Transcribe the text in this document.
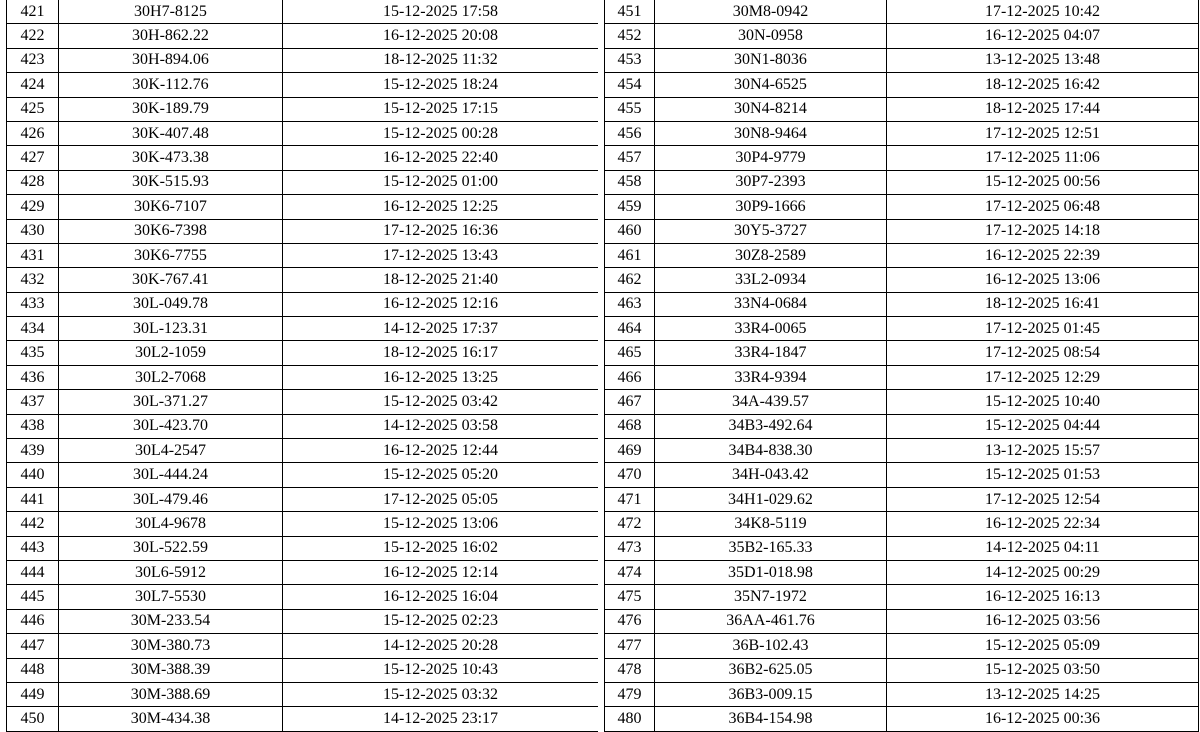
421	30H7-8125	15-12-2025 17:58
422	30H-862.22	16-12-2025 20:08
423	30H-894.06	18-12-2025 11:32
424	30K-112.76	15-12-2025 18:24
425	30K-189.79	15-12-2025 17:15
426	30K-407.48	15-12-2025 00:28
427	30K-473.38	16-12-2025 22:40
428	30K-515.93	15-12-2025 01:00
429	30K6-7107	16-12-2025 12:25
430	30K6-7398	17-12-2025 16:36
431	30K6-7755	17-12-2025 13:43
432	30K-767.41	18-12-2025 21:40
433	30L-049.78	16-12-2025 12:16
434	30L-123.31	14-12-2025 17:37
435	30L2-1059	18-12-2025 16:17
436	30L2-7068	16-12-2025 13:25
437	30L-371.27	15-12-2025 03:42
438	30L-423.70	14-12-2025 03:58
439	30L4-2547	16-12-2025 12:44
440	30L-444.24	15-12-2025 05:20
441	30L-479.46	17-12-2025 05:05
442	30L4-9678	15-12-2025 13:06
443	30L-522.59	15-12-2025 16:02
444	30L6-5912	16-12-2025 12:14
445	30L7-5530	16-12-2025 16:04
446	30M-233.54	15-12-2025 02:23
447	30M-380.73	14-12-2025 20:28
448	30M-388.39	15-12-2025 10:43
449	30M-388.69	15-12-2025 03:32
450	30M-434.38	14-12-2025 23:17
451	30M8-0942	17-12-2025 10:42
452	30N-0958	16-12-2025 04:07
453	30N1-8036	13-12-2025 13:48
454	30N4-6525	18-12-2025 16:42
455	30N4-8214	18-12-2025 17:44
456	30N8-9464	17-12-2025 12:51
457	30P4-9779	17-12-2025 11:06
458	30P7-2393	15-12-2025 00:56
459	30P9-1666	17-12-2025 06:48
460	30Y5-3727	17-12-2025 14:18
461	30Z8-2589	16-12-2025 22:39
462	33L2-0934	16-12-2025 13:06
463	33N4-0684	18-12-2025 16:41
464	33R4-0065	17-12-2025 01:45
465	33R4-1847	17-12-2025 08:54
466	33R4-9394	17-12-2025 12:29
467	34A-439.57	15-12-2025 10:40
468	34B3-492.64	15-12-2025 04:44
469	34B4-838.30	13-12-2025 15:57
470	34H-043.42	15-12-2025 01:53
471	34H1-029.62	17-12-2025 12:54
472	34K8-5119	16-12-2025 22:34
473	35B2-165.33	14-12-2025 04:11
474	35D1-018.98	14-12-2025 00:29
475	35N7-1972	16-12-2025 16:13
476	36AA-461.76	16-12-2025 03:56
477	36B-102.43	15-12-2025 05:09
478	36B2-625.05	15-12-2025 03:50
479	36B3-009.15	13-12-2025 14:25
480	36B4-154.98	16-12-2025 00:36
